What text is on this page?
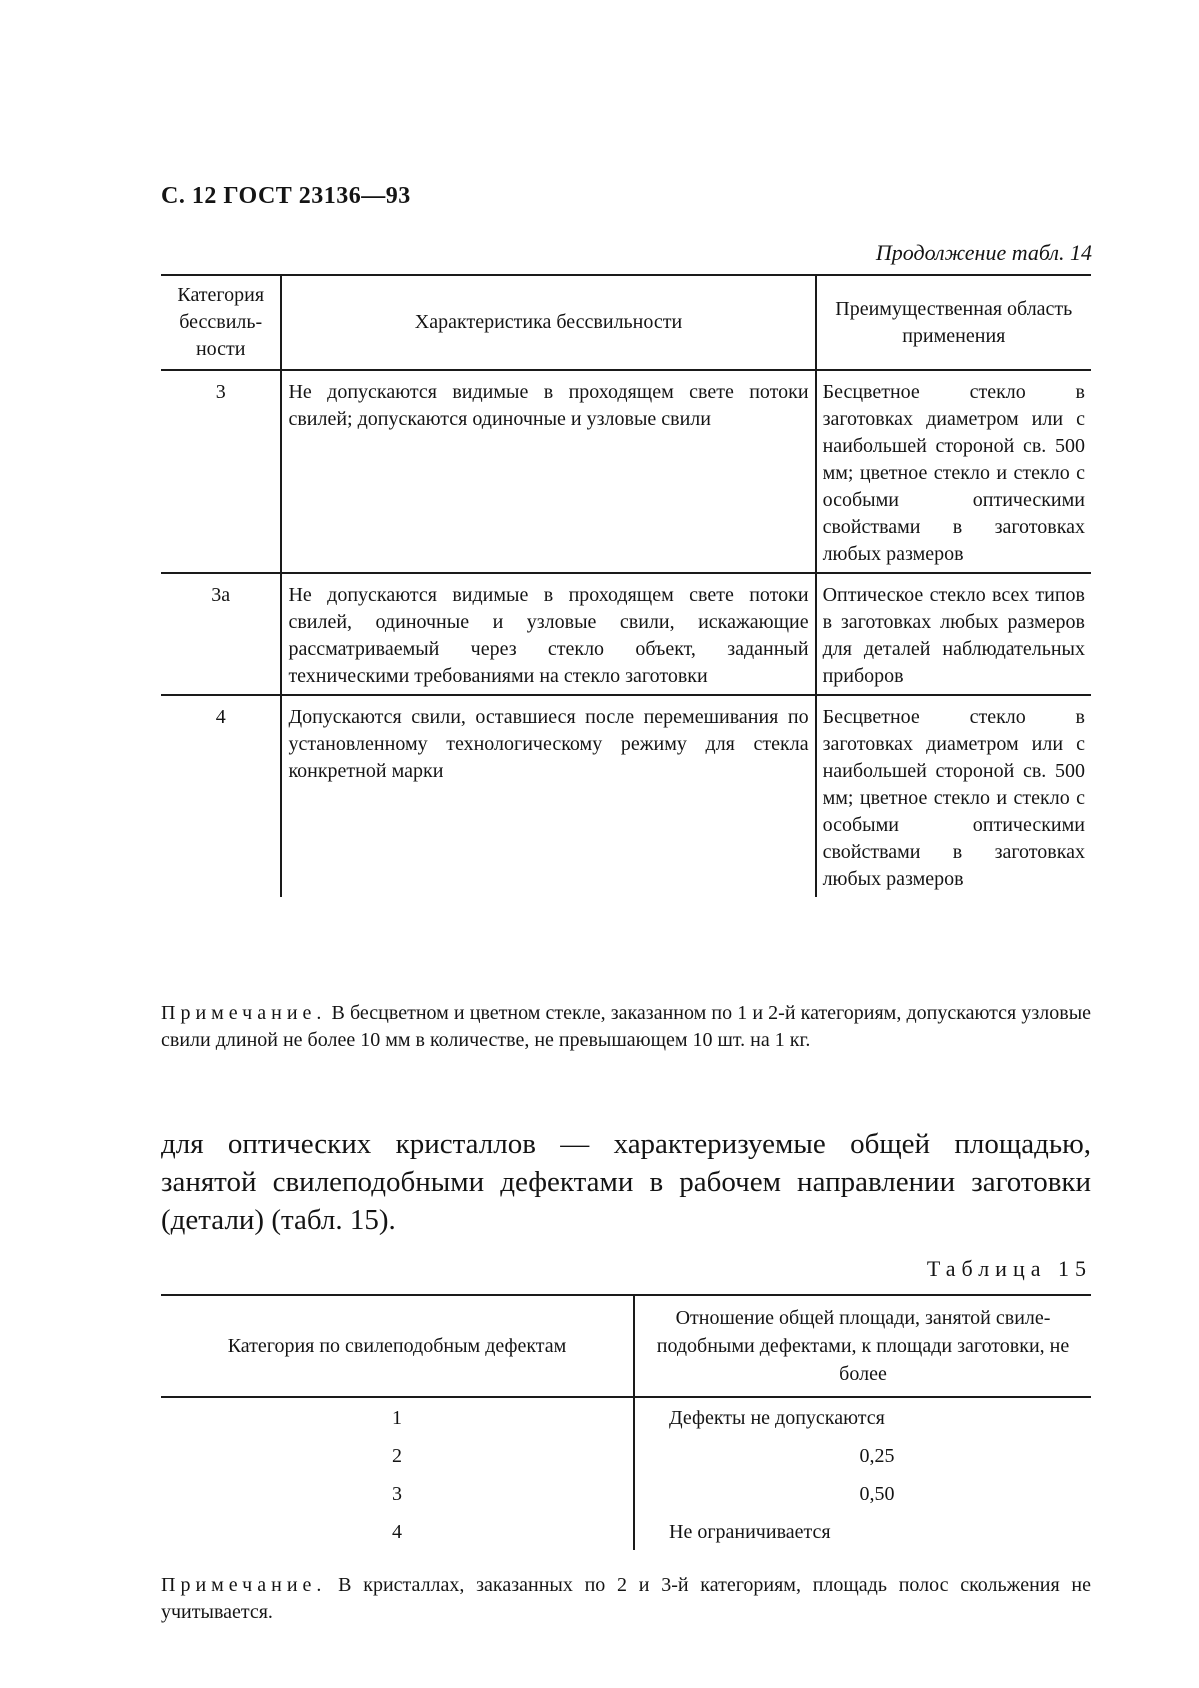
С. 12 ГОСТ 23136—93
Продолжение табл. 14
Категория бессвиль-ности	Характеристика бессвильности	Преимущественная область применения
3	Не допускаются видимые в проходящем свете потоки свилей; допускаются одиночные и узловые свили	Бесцветное стекло в заготовках диаметром или с наибольшей стороной св. 500 мм; цветное стекло и стекло с особыми оптическими свойствами в заготовках любых размеров
3а	Не допускаются видимые в проходящем свете потоки свилей, одиночные и узловые свили, искажающие рассматриваемый через стекло объект, заданный техническими требованиями на стекло заготовки	Оптическое стекло всех типов в заготовках любых размеров для деталей наблюдательных приборов
4	Допускаются свили, оставшиеся после перемешивания по установленному технологическому режиму для стекла конкретной марки	Бесцветное стекло в заготовках диаметром или с наибольшей стороной св. 500 мм; цветное стекло и стекло с особыми оптическими свойствами в заготовках любых размеров
Примечание. В бесцветном и цветном стекле, заказанном по 1 и 2-й категориям, допускаются узловые свили длиной не более 10 мм в количестве, не превышающем 10 шт. на 1 кг.
для оптических кристаллов — характеризуемые общей площадью, занятой свилеподобными дефектами в рабочем направлении заготовки (детали) (табл. 15).
Таблица 15
Категория по свилеподобным дефектам	Отношение общей площади, занятой свиле-подобными дефектами, к площади заготовки, не более
1	Дефекты не допускаются
2	0,25
3	0,50
4	Не ограничивается
Примечание. В кристаллах, заказанных по 2 и 3-й категориям, площадь полос скольжения не учитывается.
